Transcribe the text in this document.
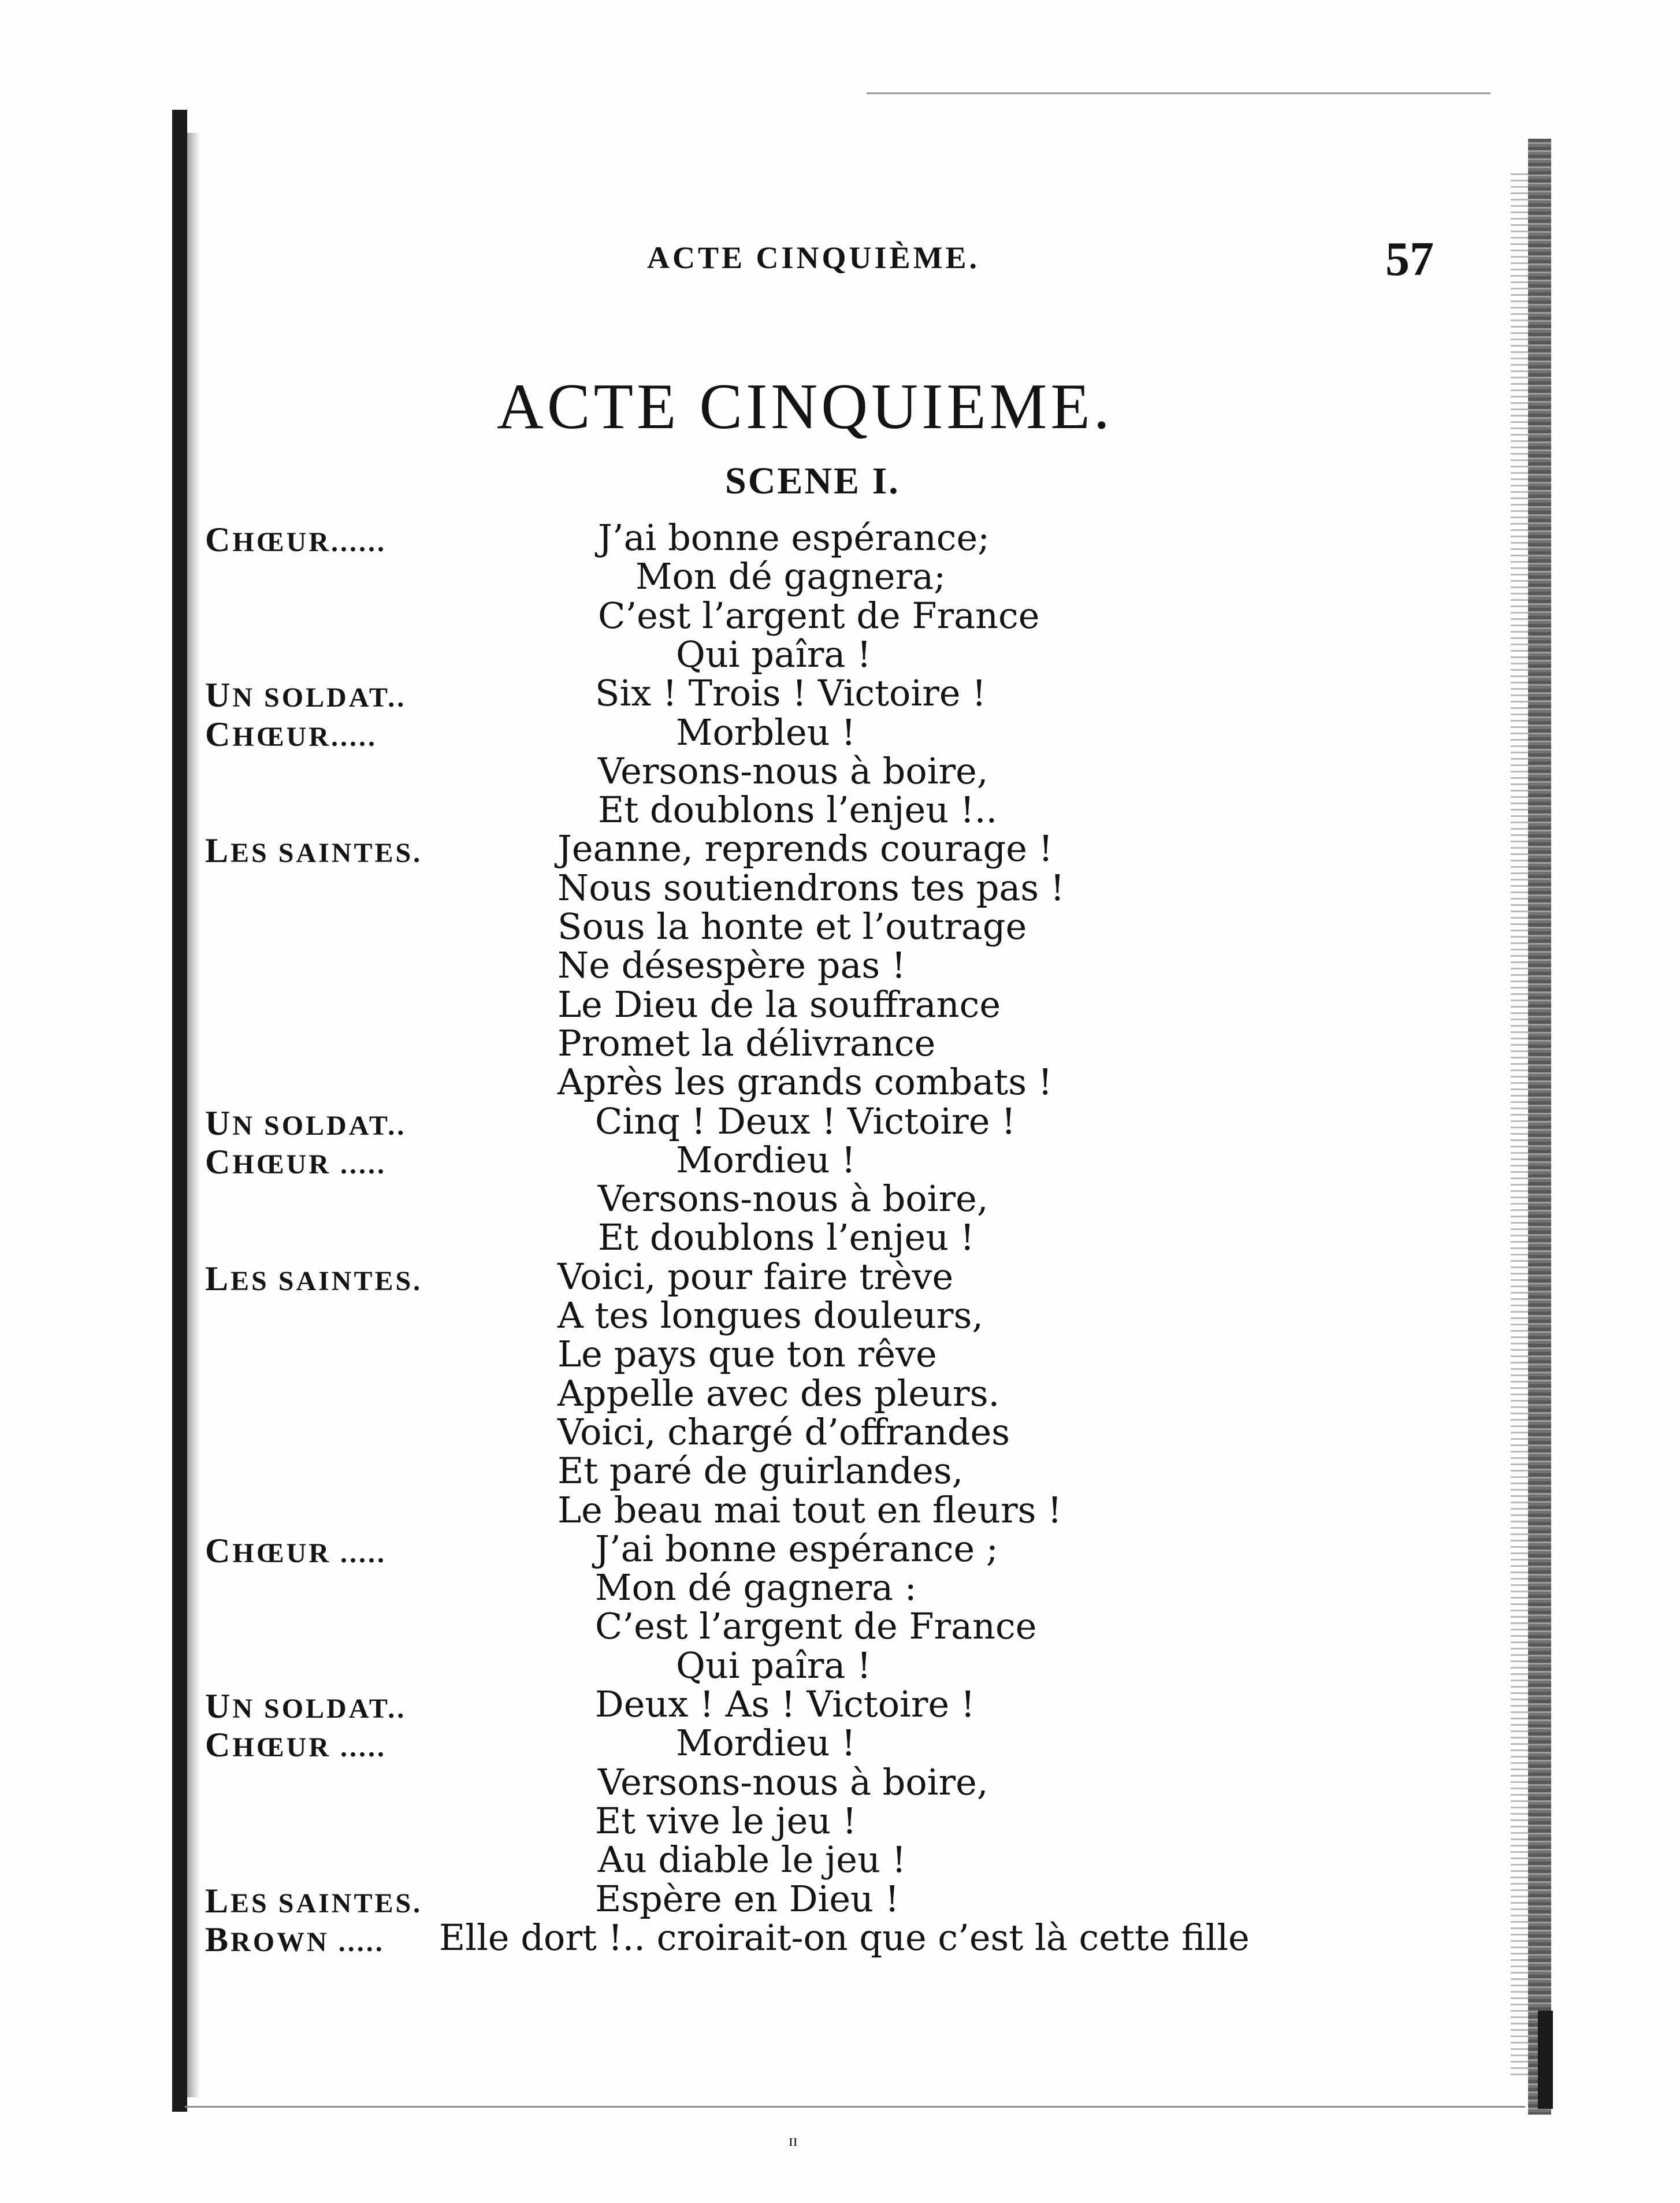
ACTE CINQUIÈME.	57
ACTE CINQUIEME.
SCENE I.
CHŒUR......	J’ai bonne espérance;
Mon dé gagnera;
C’est l’argent de France
Qui paîra !
UN SOLDAT..	Six ! Trois ! Victoire !
CHŒUR.....	Morbleu !
Versons-nous à boire,
Et doublons l’enjeu !..
LES SAINTES.	Jeanne, reprends courage !
Nous soutiendrons tes pas !
Sous la honte et l’outrage
Ne désespère pas !
Le Dieu de la souffrance
Promet la délivrance
Après les grands combats !
UN SOLDAT..	Cinq ! Deux ! Victoire !
CHŒUR .....	Mordieu !
Versons-nous à boire,
Et doublons l’enjeu !
LES SAINTES.	Voici, pour faire trève
A tes longues douleurs,
Le pays que ton rêve
Appelle avec des pleurs.
Voici, chargé d’offrandes
Et paré de guirlandes,
Le beau mai tout en fleurs !
CHŒUR .....	J’ai bonne espérance ;
Mon dé gagnera :
C’est l’argent de France
Qui paîra !
UN SOLDAT..	Deux ! As ! Victoire !
CHŒUR .....	Mordieu !
Versons-nous à boire,
Et vive le jeu !
Au diable le jeu !
LES SAINTES.	Espère en Dieu !
BROWN ..... Elle dort !.. croirait-on que c’est là cette fille
ɪɪ
